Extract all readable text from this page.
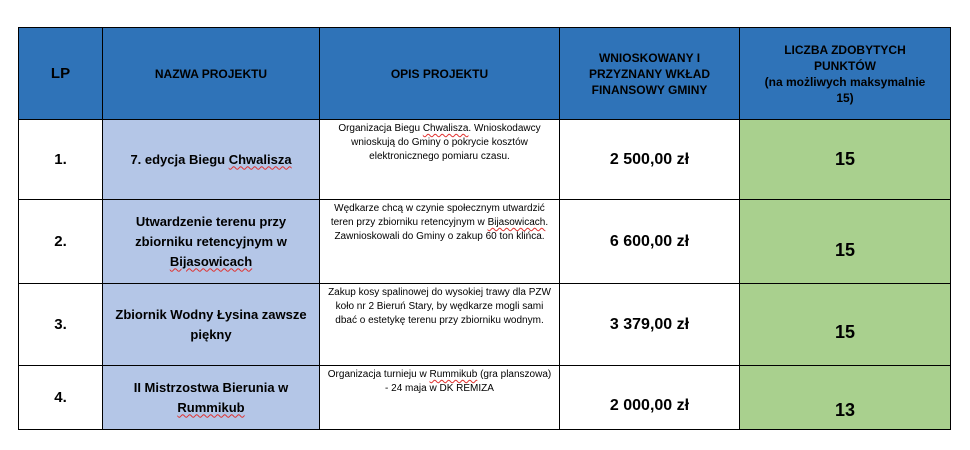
LP	NAZWA PROJEKTU	OPIS PROJEKTU	WNIOSKOWANY I PRZYZNANY WKŁAD FINANSOWY GMINY	LICZBA ZDOBYTYCH PUNKTÓW
(na możliwych maksymalnie 15)
1.	7. edycja Biegu Chwalisza	Organizacja Biegu Chwalisza. Wnioskodawcy wnioskują do Gminy o pokrycie kosztów elektronicznego pomiaru czasu.	2 500,00 zł	15
2.	Utwardzenie terenu przy zbiorniku retencyjnym w Bijasowicach	Wędkarze chcą w czynie społecznym utwardzić teren przy zbiorniku retencyjnym w Bijasowicach. Zawnioskowali do Gminy o zakup 60 ton klińca.	6 600,00 zł	15
3.	Zbiornik Wodny Łysina zawsze piękny	Zakup kosy spalinowej do wysokiej trawy dla PZW koło nr 2 Bieruń Stary, by wędkarze mogli sami dbać o estetykę terenu przy zbiorniku wodnym.	3 379,00 zł	15
4.	II Mistrzostwa Bierunia w Rummikub	Organizacja turnieju w Rummikub (gra planszowa) - 24 maja w DK REMIZA	2 000,00 zł	13
